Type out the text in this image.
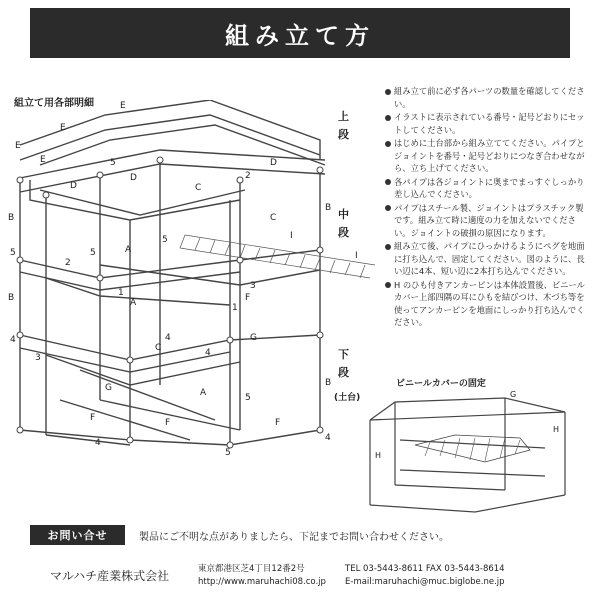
組み立て方
組立て用各部明細	E
E
E
E
D
D
D	C
C
C
A
A
A
B
B
B
B
F	F
F
F
I
I
G
G
5
5
5
5
5
5
4
4
4
4
4
2
2
1
1
3
3
上
段
中
段
下
段
(土台)
組み立て前に必ず各パーツの数量を確認してください。
イラストに表示されている番号・記号どおりにセットしてください。
はじめに土台部から組み立ててください。パイプとジョイントを番号・記号どおりにつなぎ合わせながら、立ち上げてください。
各パイプは各ジョイントに奥までまっすぐしっかり差し込んでください。
パイプはスチール製、ジョイントはプラスチック製です。組み立て時に適度の力を加えないでください。ジョイントの破損の原因になります。
組み立て後、パイプにひっかけるようにペグを地面に打ち込んで、固定してください。図のように、長い辺に4本、短い辺に2本打ち込んでください。
H のひも付きアンカーピンは本体設置後、ビニールカバー上部四隅の耳にひもを結びつけ、木づち等を使ってアンカーピンを地面にしっかり打ち込んでください。
ビニールカバーの固定
G
H
H
お問い合せ	製品にご不明な点がありましたら、下記までお問い合わせください。
マルハチ産業株式会社	東京都港区芝4丁目12番2号
http://www.maruhachi08.co.jp
TEL 03-5443-8611 FAX 03-5443-8614
E-mail:maruhachi@muc.biglobe.ne.jp
